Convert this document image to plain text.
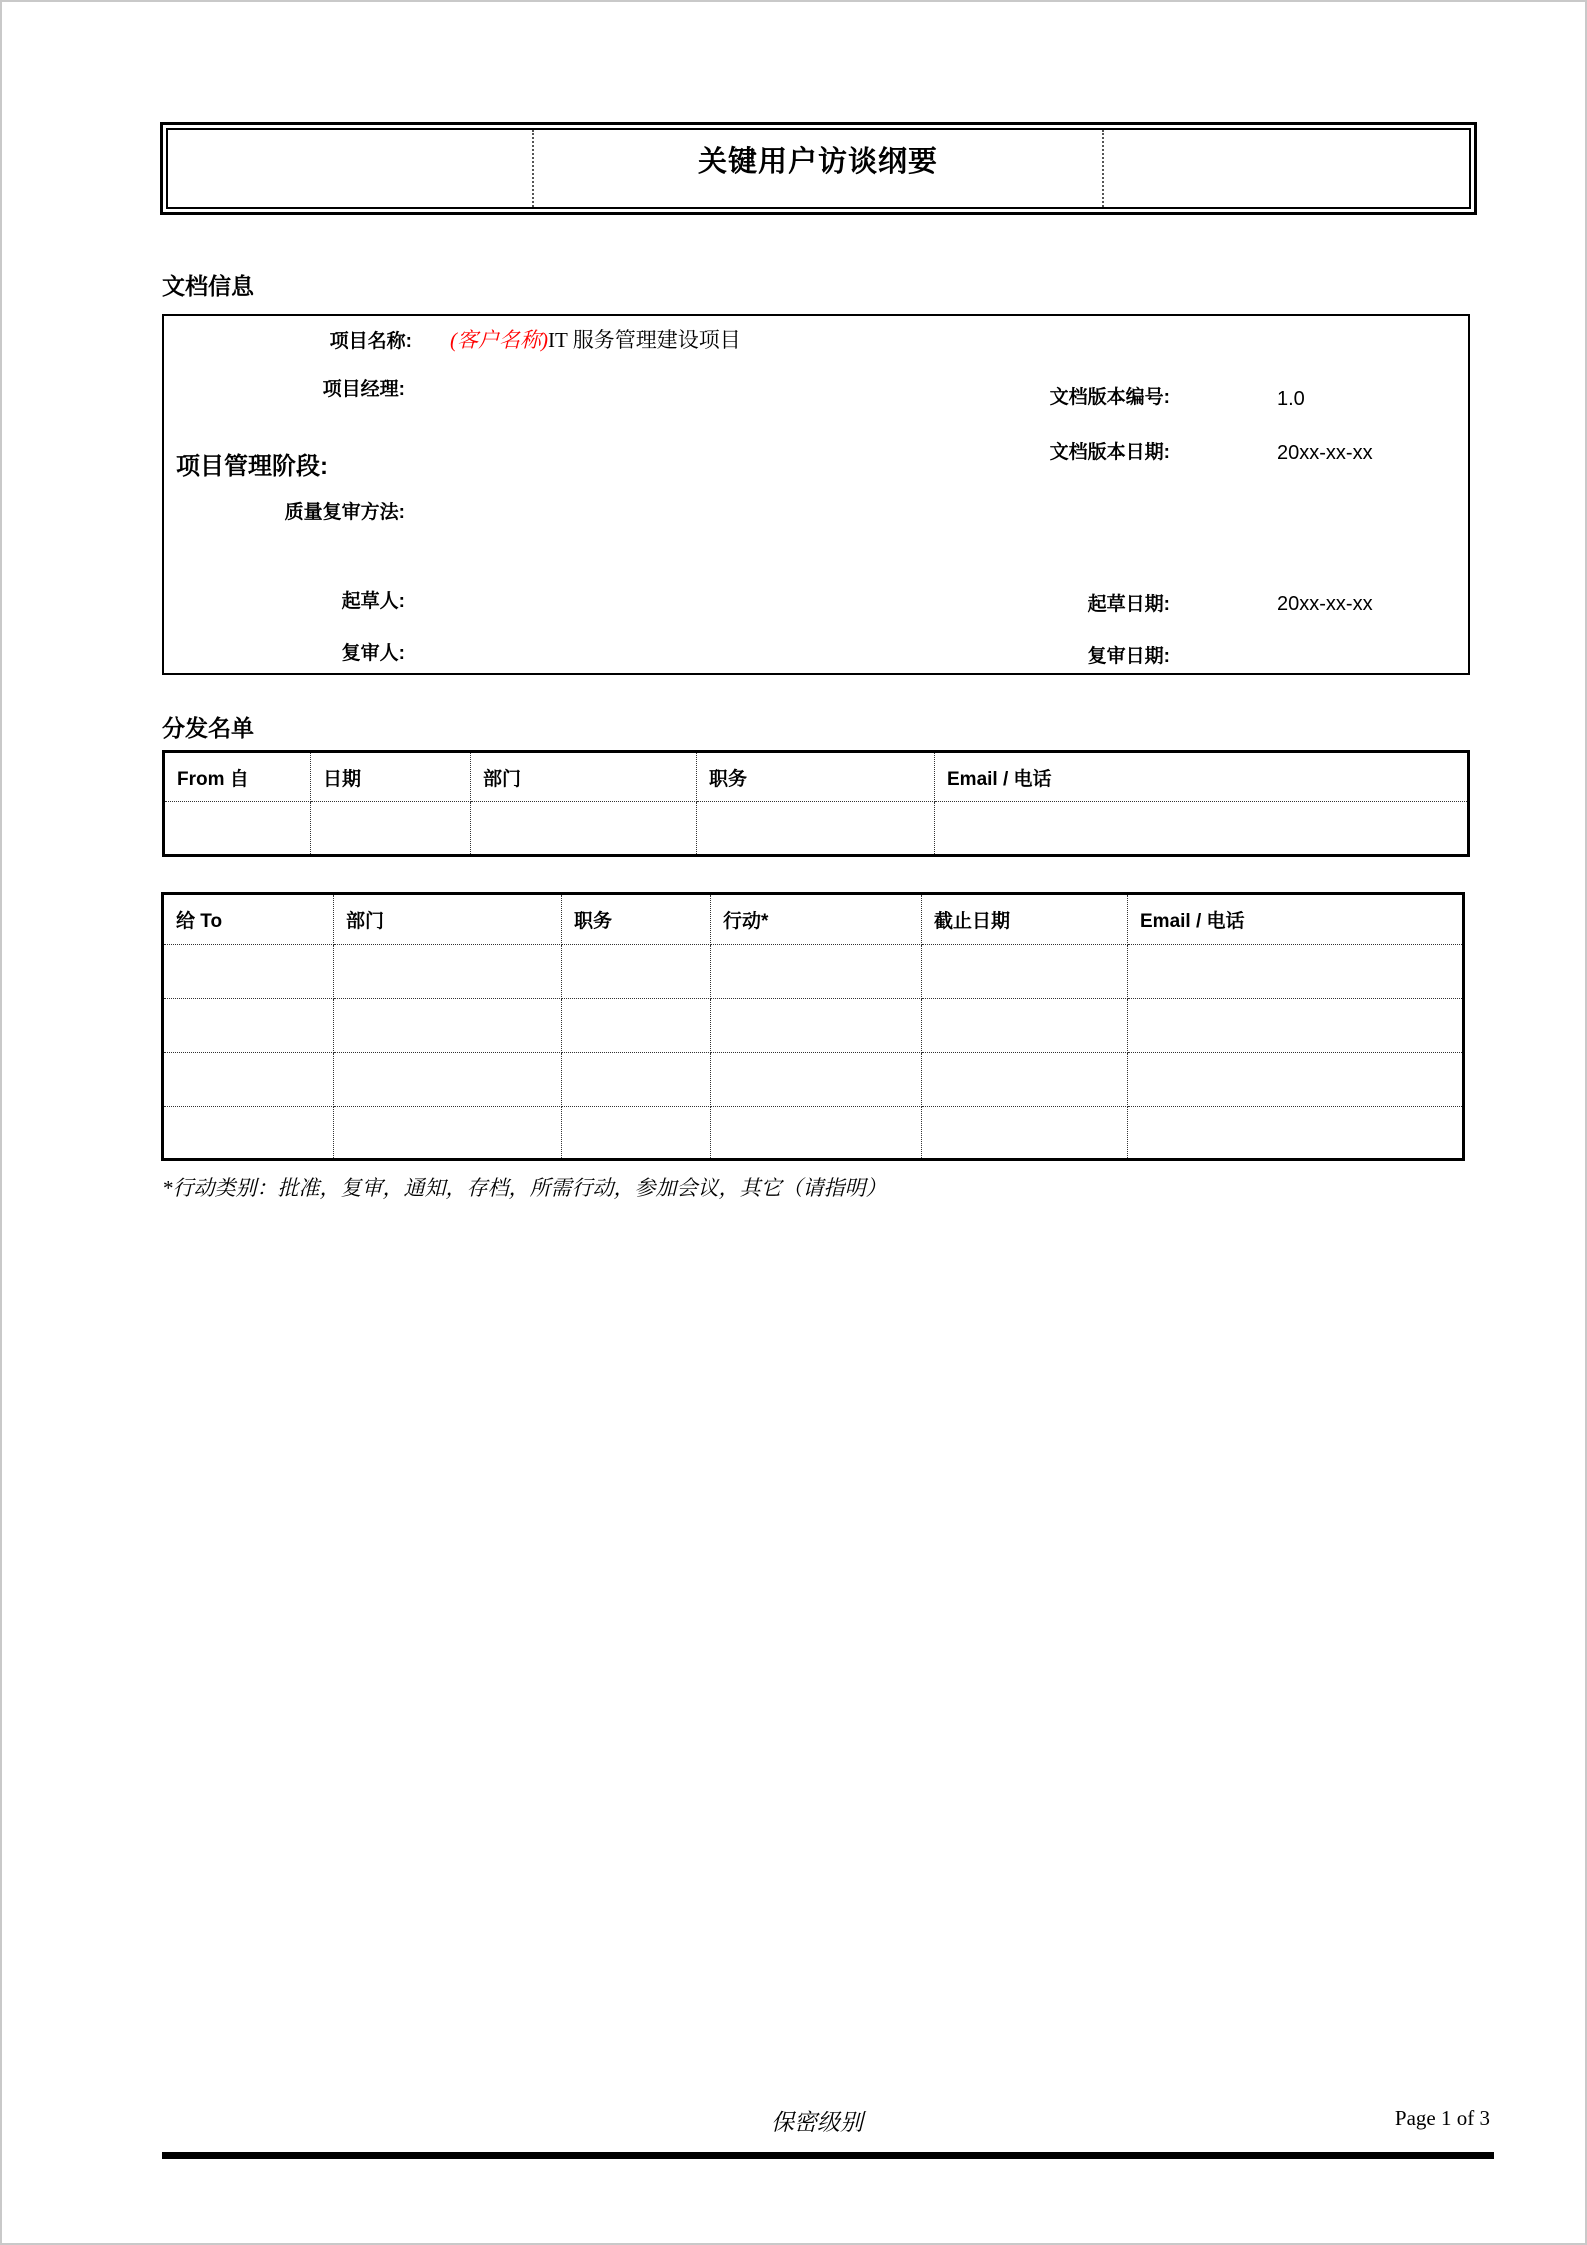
关键用户访谈纲要
文档信息
项目名称: (客户名称)IT 服务管理建设项目
项目经理:	文档版本编号:	1.0
文档版本日期:	20xx-xx-xx
项目管理阶段:
质量复审方法:
起草人:	起草日期:	20xx-xx-xx
复审人:	复审日期:
分发名单
From 自	日期	部门	职务	Email / 电话
给 To	部门	职务	行动*	截止日期	Email / 电话
*行动类别：批准，复审，通知，存档，所需行动，参加会议，其它（请指明）
保密级别	Page 1 of 3
